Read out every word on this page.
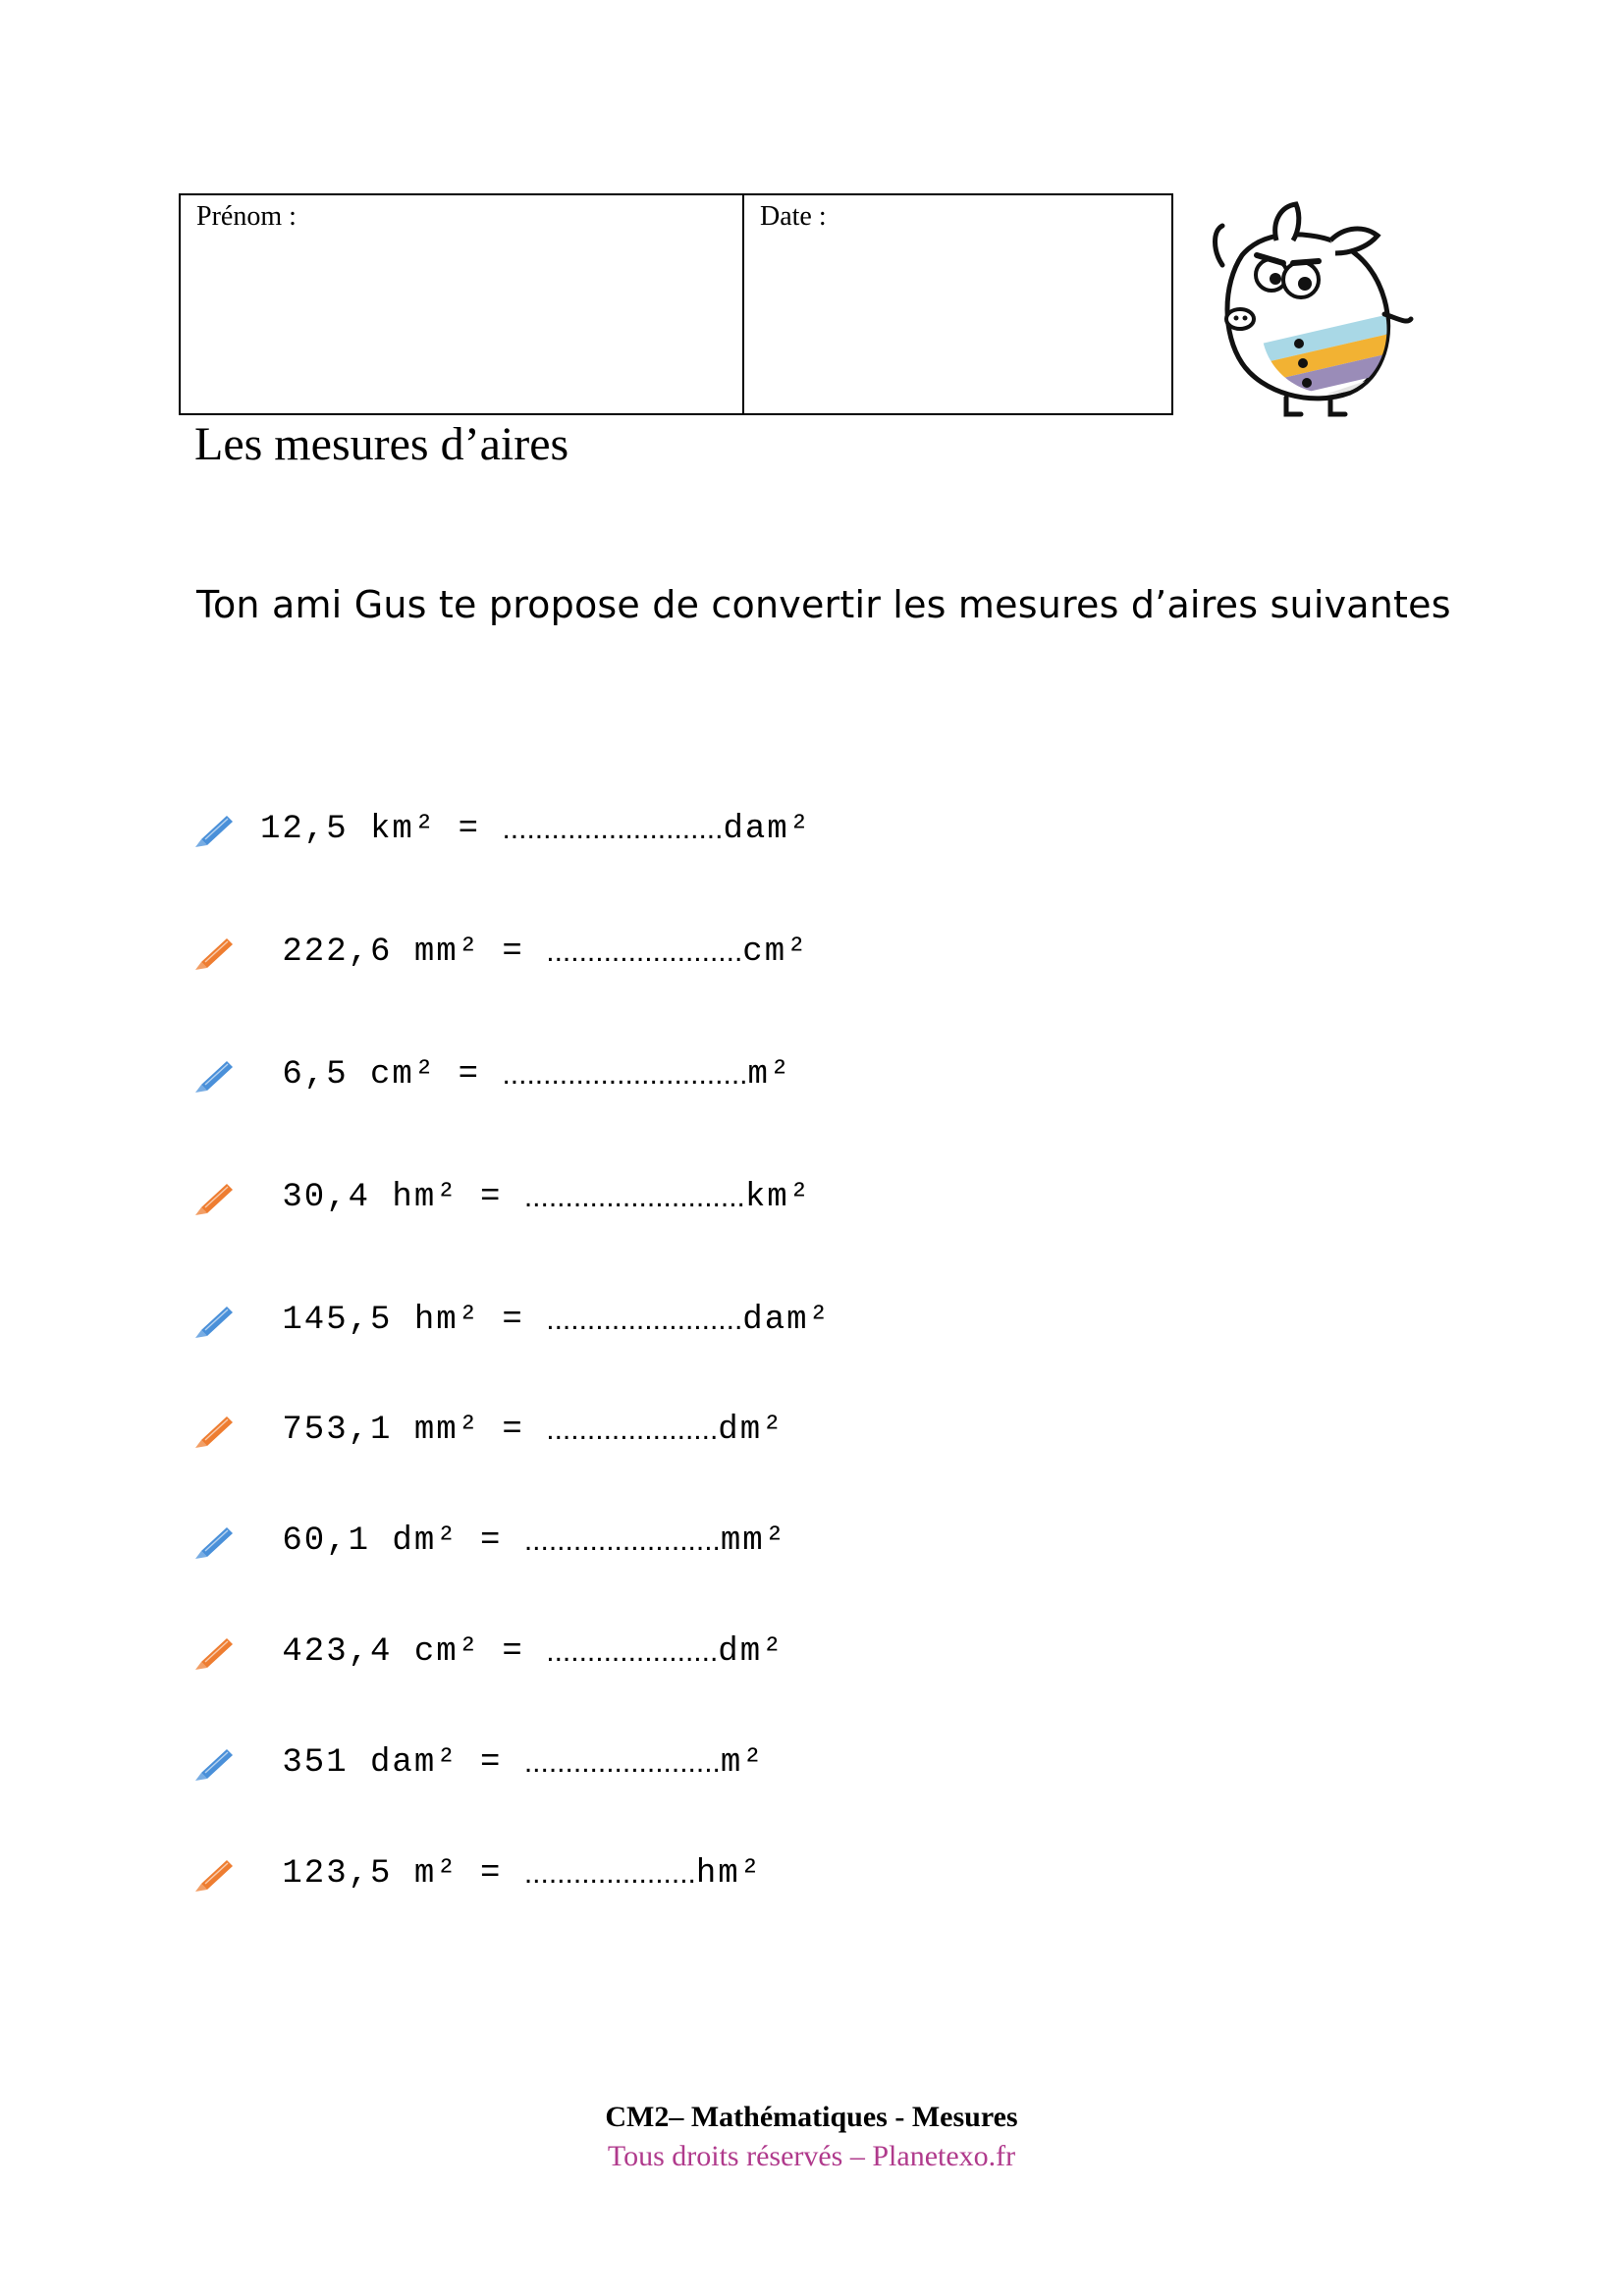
Prénom :	Date :
Les mesures d’aires
Ton ami Gus te propose de convertir les mesures d’aires suivantes
12,5 km² = ........................... dam²
222,6 mm² = ........................ cm²
6,5 cm² = .............................. m²
30,4 hm² = ........................... km²
145,5 hm² = ........................ dam²
753,1 mm² = ..................... dm²
60,1 dm² = ........................ mm²
423,4 cm² = ..................... dm²
351 dam² = ........................ m²
123,5 m² = ..................... hm²
CM2– Mathématiques - Mesures
Tous droits réservés – Planetexo.fr
